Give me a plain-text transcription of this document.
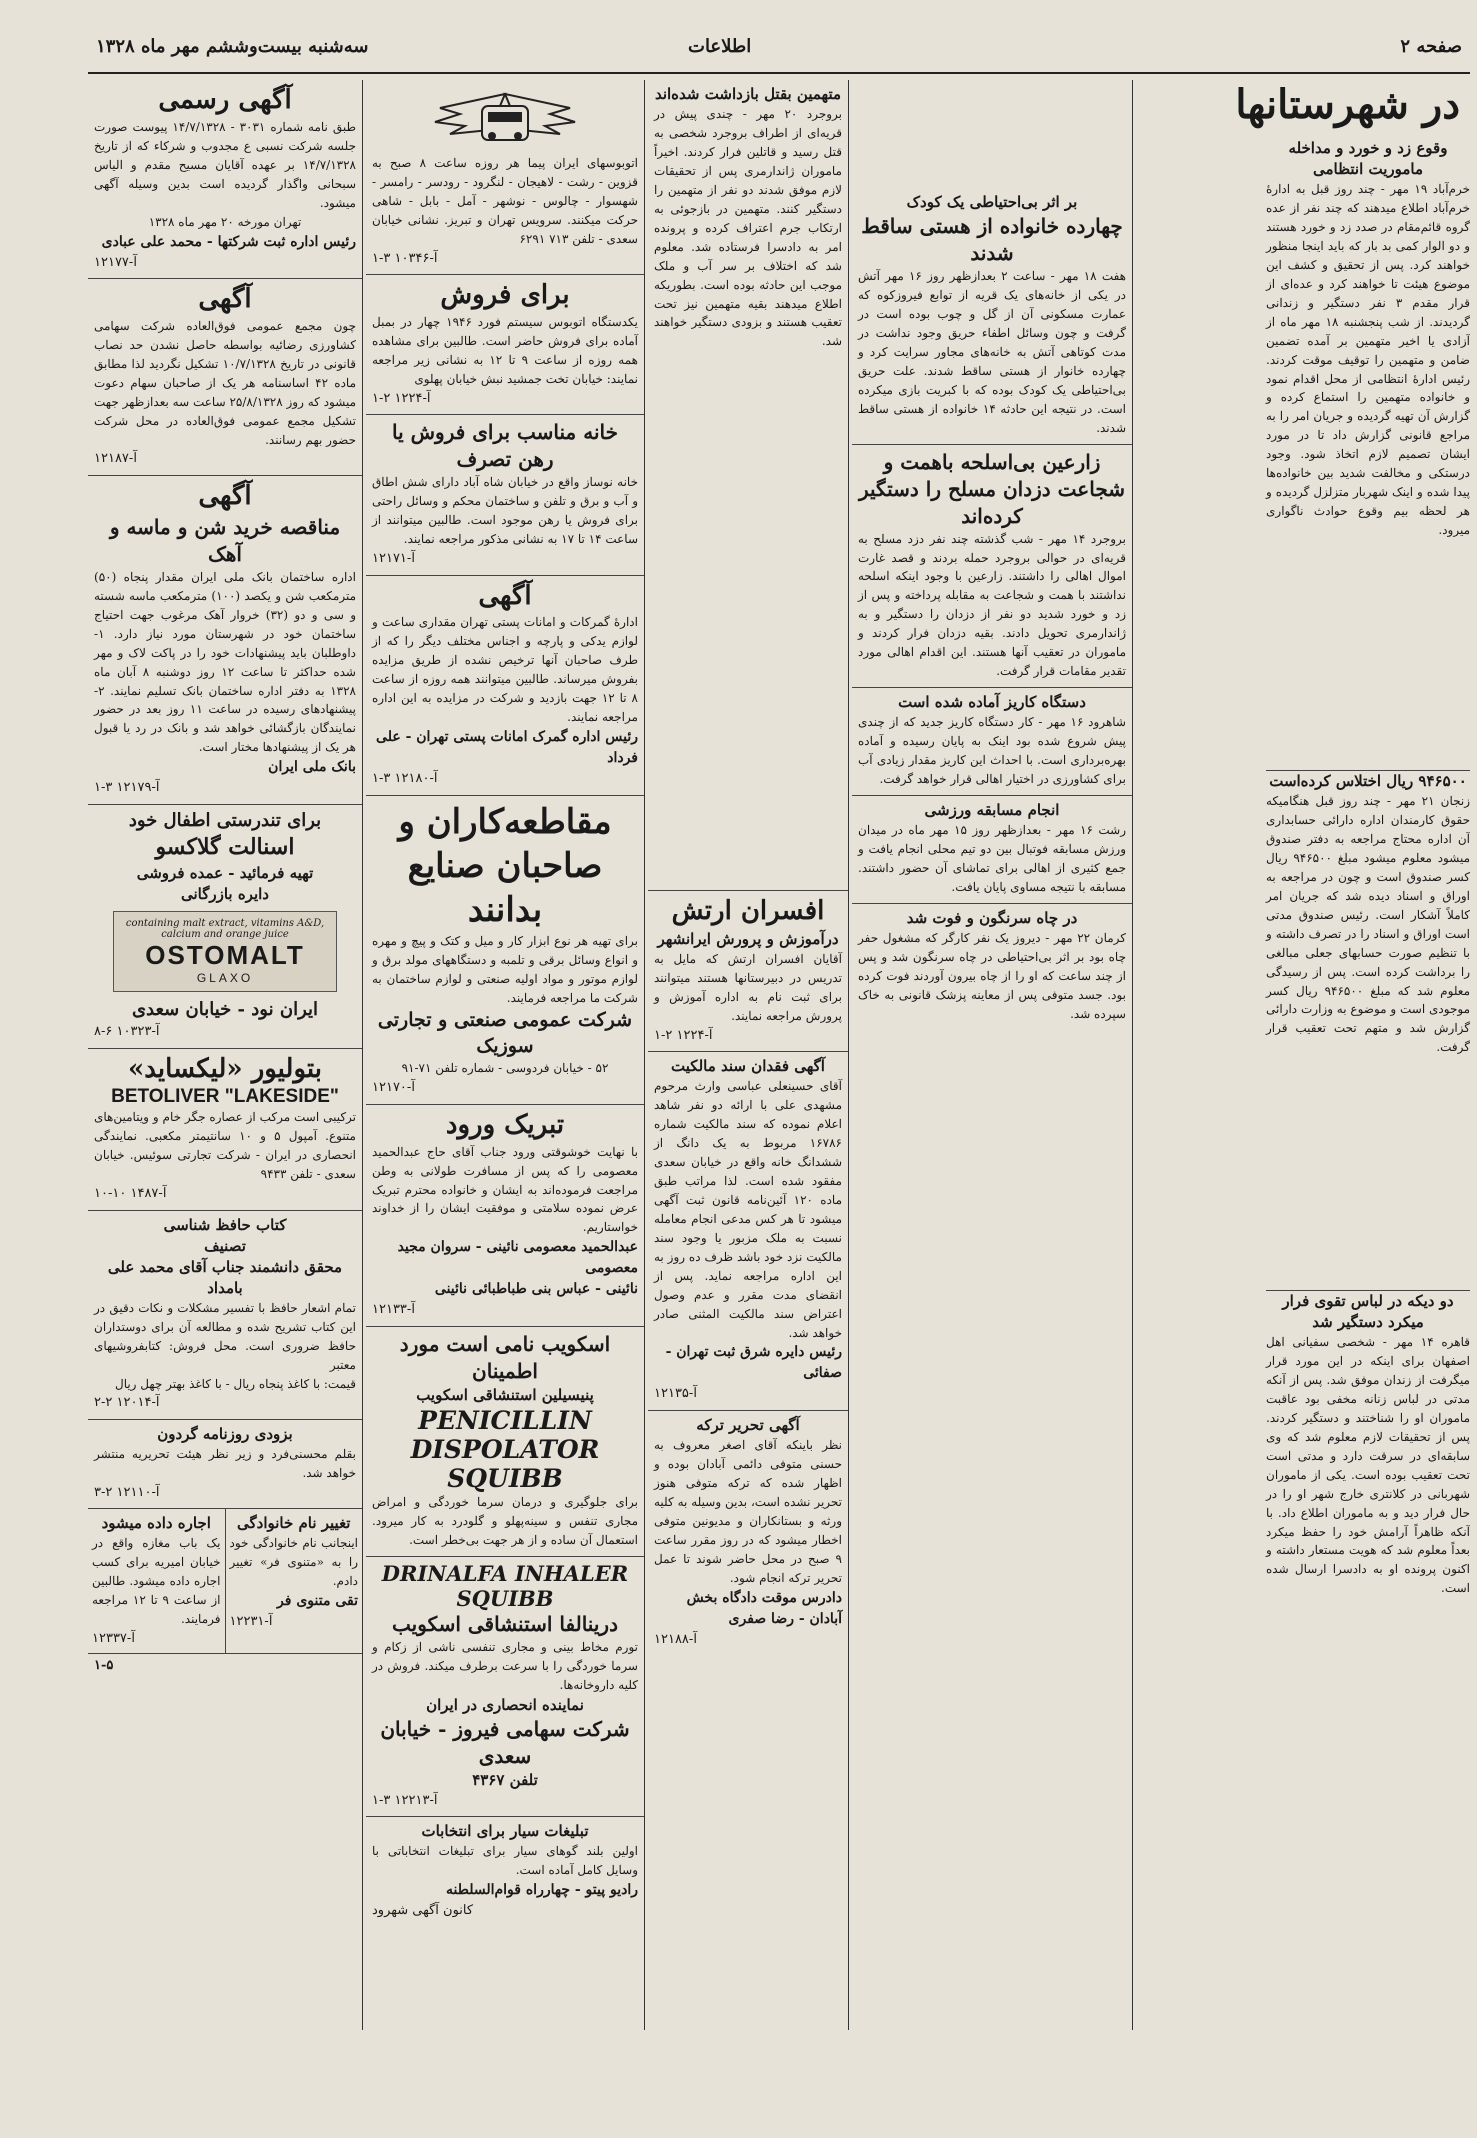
صفحه ۲
اطلاعات
سه‌شنبه بیست‌وششم مهر ماه ۱۳۲۸
در شهرستانها
وقوع زد و خورد و مداخله ماموریت انتظامی
خرم‌آباد ۱۹ مهر - چند روز قبل به ادارهٔ خرم‌آباد اطلاع میدهند که چند نفر از عده گروه قائم‌مقام در صدد زد و خورد هستند و دو الوار کمی بد بار که باید اینجا منظور خواهند کرد. پس از تحقیق و کشف این موضوع هیئت تا خواهند کرد و عده‌ای از قرار مقدم ۳ نفر دستگیر و زندانی گردیدند. از شب پنجشنبه ۱۸ مهر ماه از آزادی یا اخیر متهمین بر آمده تضمین ضامن و متهمین را توقیف موقت کردند. رئیس ادارهٔ انتظامی از محل اقدام نمود و خانواده متهمین را استماع کرده و گزارش آن تهیه گردیده و جریان امر را به مراجع قانونی گزارش داد تا در مورد ایشان تصمیم لازم اتخاذ شود. وجود درستکی و مخالفت شدید بین خانواده‌ها پیدا شده و اینک شهربار متزلزل گردیده و هر لحظه بیم وقوع حوادث ناگواری میرود.
۹۴۶۵۰۰ ریال اختلاس کرده‌است
زنجان ۲۱ مهر - چند روز قبل هنگامیکه حقوق کارمندان اداره دارائی حسابداری آن اداره محتاج مراجعه به دفتر صندوق میشود معلوم میشود مبلغ ۹۴۶۵۰۰ ریال کسر صندوق است و چون در مراجعه به اوراق و اسناد دیده شد که جریان امر کاملاً آشکار است. رئیس صندوق مدتی است اوراق و اسناد را در تصرف داشته و با تنظیم صورت حسابهای جعلی مبالغی را برداشت کرده است. پس از رسیدگی معلوم شد که مبلغ ۹۴۶۵۰۰ ریال کسر موجودی است و موضوع به وزارت دارائی گزارش شد و متهم تحت تعقیب قرار گرفت.
دو دیکه در لباس تقوی فرار میکرد دستگیر شد
قاهره ۱۴ مهر - شخصی سفیانی اهل اصفهان برای اینکه در این مورد قرار میگرفت از زندان موفق شد. پس از آنکه مدتی در لباس زنانه مخفی بود عاقبت ماموران او را شناختند و دستگیر کردند. پس از تحقیقات لازم معلوم شد که وی سابقه‌ای در سرقت دارد و مدتی است تحت تعقیب بوده است. یکی از ماموران شهربانی در کلانتری خارج شهر او را در حال فرار دید و به ماموران اطلاع داد. با آنکه ظاهراً آرامش خود را حفظ میکرد بعداً معلوم شد که هویت مستعار داشته و اکنون پرونده او به دادسرا ارسال شده است.
بر اثر بی‌احتیاطی یک کودک
چهارده خانواده از هستی ساقط شدند
هفت ۱۸ مهر - ساعت ۲ بعدازظهر روز ۱۶ مهر آتش در یکی از خانه‌های یک قریه از توابع فیروزکوه که عمارت مسکونی آن از گل و چوب بوده است در گرفت و چون وسائل اطفاء حریق وجود نداشت در مدت کوتاهی آتش به خانه‌های مجاور سرایت کرد و چهارده خانوار از هستی ساقط شدند. علت حریق بی‌احتیاطی یک کودک بوده که با کبریت بازی میکرده است. در نتیجه این حادثه ۱۴ خانواده از هستی ساقط شدند.
زارعین بی‌اسلحه باهمت و شجاعت دزدان مسلح را دستگیر کرده‌اند
بروجرد ۱۴ مهر - شب گذشته چند نفر دزد مسلح به قریه‌ای در حوالی بروجرد حمله بردند و قصد غارت اموال اهالی را داشتند. زارعین با وجود اینکه اسلحه نداشتند با همت و شجاعت به مقابله پرداخته و پس از زد و خورد شدید دو نفر از دزدان را دستگیر و به ژاندارمری تحویل دادند. بقیه دزدان فرار کردند و ماموران در تعقیب آنها هستند. این اقدام اهالی مورد تقدیر مقامات قرار گرفت.
دستگاه کاریز آماده شده است
شاهرود ۱۶ مهر - کار دستگاه کاریز جدید که از چندی پیش شروع شده بود اینک به پایان رسیده و آماده بهره‌برداری است. با احداث این کاریز مقدار زیادی آب برای کشاورزی در اختیار اهالی قرار خواهد گرفت.
انجام مسابقه ورزشی
رشت ۱۶ مهر - بعدازظهر روز ۱۵ مهر ماه در میدان ورزش مسابقه فوتبال بین دو تیم محلی انجام یافت و جمع کثیری از اهالی برای تماشای آن حضور داشتند. مسابقه با نتیجه مساوی پایان یافت.
در چاه سرنگون و فوت شد
کرمان ۲۲ مهر - دیروز یک نفر کارگر که مشغول حفر چاه بود بر اثر بی‌احتیاطی در چاه سرنگون شد و پس از چند ساعت که او را از چاه بیرون آوردند فوت کرده بود. جسد متوفی پس از معاینه پزشک قانونی به خاک سپرده شد.
متهمین بقتل بازداشت شده‌اند
بروجرد ۲۰ مهر - چندی پیش در قریه‌ای از اطراف بروجرد شخصی به قتل رسید و قاتلین فرار کردند. اخیراً ماموران ژاندارمری پس از تحقیقات لازم موفق شدند دو نفر از متهمین را دستگیر کنند. متهمین در بازجوئی به ارتکاب جرم اعتراف کرده و پرونده امر به دادسرا فرستاده شد. معلوم شد که اختلاف بر سر آب و ملک موجب این حادثه بوده است. بطوریکه اطلاع میدهند بقیه متهمین نیز تحت تعقیب هستند و بزودی دستگیر خواهند شد.
افسران ارتش
درآموزش و پرورش ایرانشهر
آقایان افسران ارتش که مایل به تدریس در دبیرستانها هستند میتوانند برای ثبت نام به اداره آموزش و پرورش مراجعه نمایند.
آ-۱۲۲۴ ۲-۱
آگهی فقدان سند مالکیت
آقای حسینعلی عباسی وارث مرحوم مشهدی علی با ارائه دو نفر شاهد اعلام نموده که سند مالکیت شماره ۱۶۷۸۶ مربوط به یک دانگ از ششدانگ خانه واقع در خیابان سعدی مفقود شده است. لذا مراتب طبق ماده ۱۲۰ آئین‌نامه قانون ثبت آگهی میشود تا هر کس مدعی انجام معامله نسبت به ملک مزبور یا وجود سند مالکیت نزد خود باشد ظرف ده روز به این اداره مراجعه نماید. پس از انقضای مدت مقرر و عدم وصول اعتراض سند مالکیت المثنی صادر خواهد شد.
رئیس دایره شرق ثبت تهران - صفائی
آ-۱۲۱۳۵
آگهی تحریر ترکه
نظر باینکه آقای اصغر معروف به حسنی متوفی دائمی آبادان بوده و اظهار شده که ترکه متوفی هنوز تحریر نشده است، بدین وسیله به کلیه ورثه و بستانکاران و مدیونین متوفی اخطار میشود که در روز مقرر ساعت ۹ صبح در محل حاضر شوند تا عمل تحریر ترکه انجام شود.
دادرس موقت دادگاه بخش آبادان - رضا صفری
آ-۱۲۱۸۸
اتوبوسهای ایران پیما هر روزه ساعت ۸ صبح به قزوین - رشت - لاهیجان - لنگرود - رودسر - رامسر - شهسوار - چالوس - نوشهر - آمل - بابل - شاهی حرکت میکنند. سرویس تهران و تبریز. نشانی خیابان سعدی - تلفن ۷۱۳ ۶۲۹۱
آ-۱۰۳۴۶ ۳-۱
برای فروش
یکدستگاه اتوبوس سیستم فورد ۱۹۴۶ چهار در بمبل آماده برای فروش حاضر است. طالبین برای مشاهده همه روزه از ساعت ۹ تا ۱۲ به نشانی زیر مراجعه نمایند: خیابان تخت جمشید نبش خیابان پهلوی
آ-۱۲۲۴ ۲-۱
خانه مناسب برای فروش یا رهن تصرف
خانه نوساز واقع در خیابان شاه آباد دارای شش اطاق و آب و برق و تلفن و ساختمان محکم و وسائل راحتی برای فروش یا رهن موجود است. طالبین میتوانند از ساعت ۱۴ تا ۱۷ به نشانی مذکور مراجعه نمایند.
آ-۱۲۱۷۱
آگهی
ادارهٔ گمرکات و امانات پستی تهران مقداری ساعت و لوازم یدکی و پارچه و اجناس مختلف دیگر را که از طرف صاحبان آنها ترخیص نشده از طریق مزایده بفروش میرساند. طالبین میتوانند همه روزه از ساعت ۸ تا ۱۲ جهت بازدید و شرکت در مزایده به این اداره مراجعه نمایند.
رئیس اداره گمرک امانات پستی تهران - علی فرداد
آ-۱۲۱۸۰ ۳-۱
مقاطعه‌کاران و صاحبان صنایع بدانند
برای تهیه هر نوع ابزار کار و میل و کتک و پیچ و مهره و انواع وسائل برقی و تلمبه و دستگاههای مولد برق و لوازم موتور و مواد اولیه صنعتی و لوازم ساختمان به شرکت ما مراجعه فرمایند.
شرکت عمومی صنعتی و تجارتی سوزیک
۵۲ - خیابان فردوسی - شماره تلفن ۷۱-۹۱
آ-۱۲۱۷۰
تبریک ورود
با نهایت خوشوقتی ورود جناب آقای حاج عبدالحمید معصومی را که پس از مسافرت طولانی به وطن مراجعت فرموده‌اند به ایشان و خانواده محترم تبریک عرض نموده سلامتی و موفقیت ایشان را از خداوند خواستاریم.
عبدالحمید معصومی نائینی - سروان مجید معصومی
نائینی - عباس بنی طباطبائی نائینی
آ-۱۲۱۳۳
اسکویب نامی است مورد اطمینان
پنیسیلین استنشاقی اسکویب
PENICILLIN DISPOLATOR
SQUIBB
برای جلوگیری و درمان سرما خوردگی و امراض مجاری تنفس و سینه‌پهلو و گلودرد به کار میرود. استعمال آن ساده و از هر جهت بی‌خطر است.
DRINALFA INHALER SQUIBB
درینالفا استنشاقی اسکویب
تورم مخاط بینی و مجاری تنفسی ناشی از زکام و سرما خوردگی را با سرعت برطرف میکند. فروش در کلیه داروخانه‌ها.
نماینده انحصاری در ایران
شرکت سهامی فیروز - خیابان سعدی
تلفن ۴۳۶۷
آ-۱۲۲۱۳ ۳-۱
تبلیغات سیار برای انتخابات
اولین بلند گوهای سیار برای تبلیغات انتخاباتی با وسایل کامل آماده است.
رادیو پیتو - چهارراه قوام‌السلطنه
کانون آگهی شهرود
آگهی رسمی
طبق نامه شماره ۳۰۳۱ - ۱۴/۷/۱۳۲۸ پیوست صورت جلسه شرکت نسبی ع مجدوب و شرکاء که از تاریخ ۱۴/۷/۱۳۲۸ بر عهده آقایان مسیح مقدم و الیاس سبحانی واگذار گردیده است بدین وسیله آگهی میشود.
تهران مورخه ۲۰ مهر ماه ۱۳۲۸
رئیس اداره ثبت شرکتها - محمد علی عبادی
آ-۱۲۱۷۷
آگهی
چون مجمع عمومی فوق‌العاده شرکت سهامی کشاورزی رضائیه بواسطه حاصل نشدن حد نصاب قانونی در تاریخ ۱۰/۷/۱۳۲۸ تشکیل نگردید لذا مطابق ماده ۴۲ اساسنامه هر یک از صاحبان سهام دعوت میشود که روز ۲۵/۸/۱۳۲۸ ساعت سه بعدازظهر جهت تشکیل مجمع عمومی فوق‌العاده در محل شرکت حضور بهم رسانند.
آ-۱۲۱۸۷
آگهی
مناقصه خرید شن و ماسه و آهک
اداره ساختمان بانک ملی ایران مقدار پنجاه (۵۰) مترمکعب شن و یکصد (۱۰۰) مترمکعب ماسه شسته و سی و دو (۳۲) خروار آهک مرغوب جهت احتیاج ساختمان خود در شهرستان مورد نیاز دارد. ۱- داوطلبان باید پیشنهادات خود را در پاکت لاک و مهر شده حداکثر تا ساعت ۱۲ روز دوشنبه ۸ آبان ماه ۱۳۲۸ به دفتر اداره ساختمان بانک تسلیم نمایند. ۲- پیشنهادهای رسیده در ساعت ۱۱ روز بعد در حضور نمایندگان بازگشائی خواهد شد و بانک در رد یا قبول هر یک از پیشنهادها مختار است.
بانک ملی ایران
آ-۱۲۱۷۹ ۳-۱
برای تندرستی اطفال خود
اسنالت گلاکسو
تهیه فرمائید - عمده فروشی
دایره بازرگانی
containing malt extract, vitamins A&D, calcium and orange juice
OSTOMALT
GLAXO
ایران نود - خیابان سعدی
آ-۱۰۳۲۳ ۶-۸
بتولیور «لیکساید»
BETOLIVER "LAKESIDE"
ترکیبی است مرکب از عصاره جگر خام و ویتامین‌های متنوع. آمپول ۵ و ۱۰ سانتیمتر مکعبی. نمایندگی انحصاری در ایران - شرکت تجارتی سوئیس. خیابان سعدی - تلفن ۹۴۳۳
آ-۱۴۸۷ ۱۰-۱۰
کتاب حافظ شناسی
تصنیف
محقق دانشمند جناب آقای محمد علی بامداد
تمام اشعار حافظ با تفسیر مشکلات و نکات دقیق در این کتاب تشریح شده و مطالعه آن برای دوستداران حافظ ضروری است. محل فروش: کتابفروشیهای معتبر
قیمت: با کاغذ پنجاه ریال - با کاغذ بهتر چهل ریال
آ-۱۲۰۱۴ ۲-۲
بزودی روزنامه گردون
بقلم محسنی‌فرد و زیر نظر هیئت تحریریه منتشر خواهد شد.
آ-۱۲۱۱۰ ۲-۳
تغییر نام خانوادگی
اینجانب نام خانوادگی خود را به «متنوی فر» تغییر دادم.
تقی متنوی فر
آ-۱۲۲۳۱
اجاره داده میشود
یک باب مغازه واقع در خیابان امیریه برای کسب اجاره داده میشود. طالبین از ساعت ۹ تا ۱۲ مراجعه فرمایند.
آ-۱۲۳۳۷
۱-۵
